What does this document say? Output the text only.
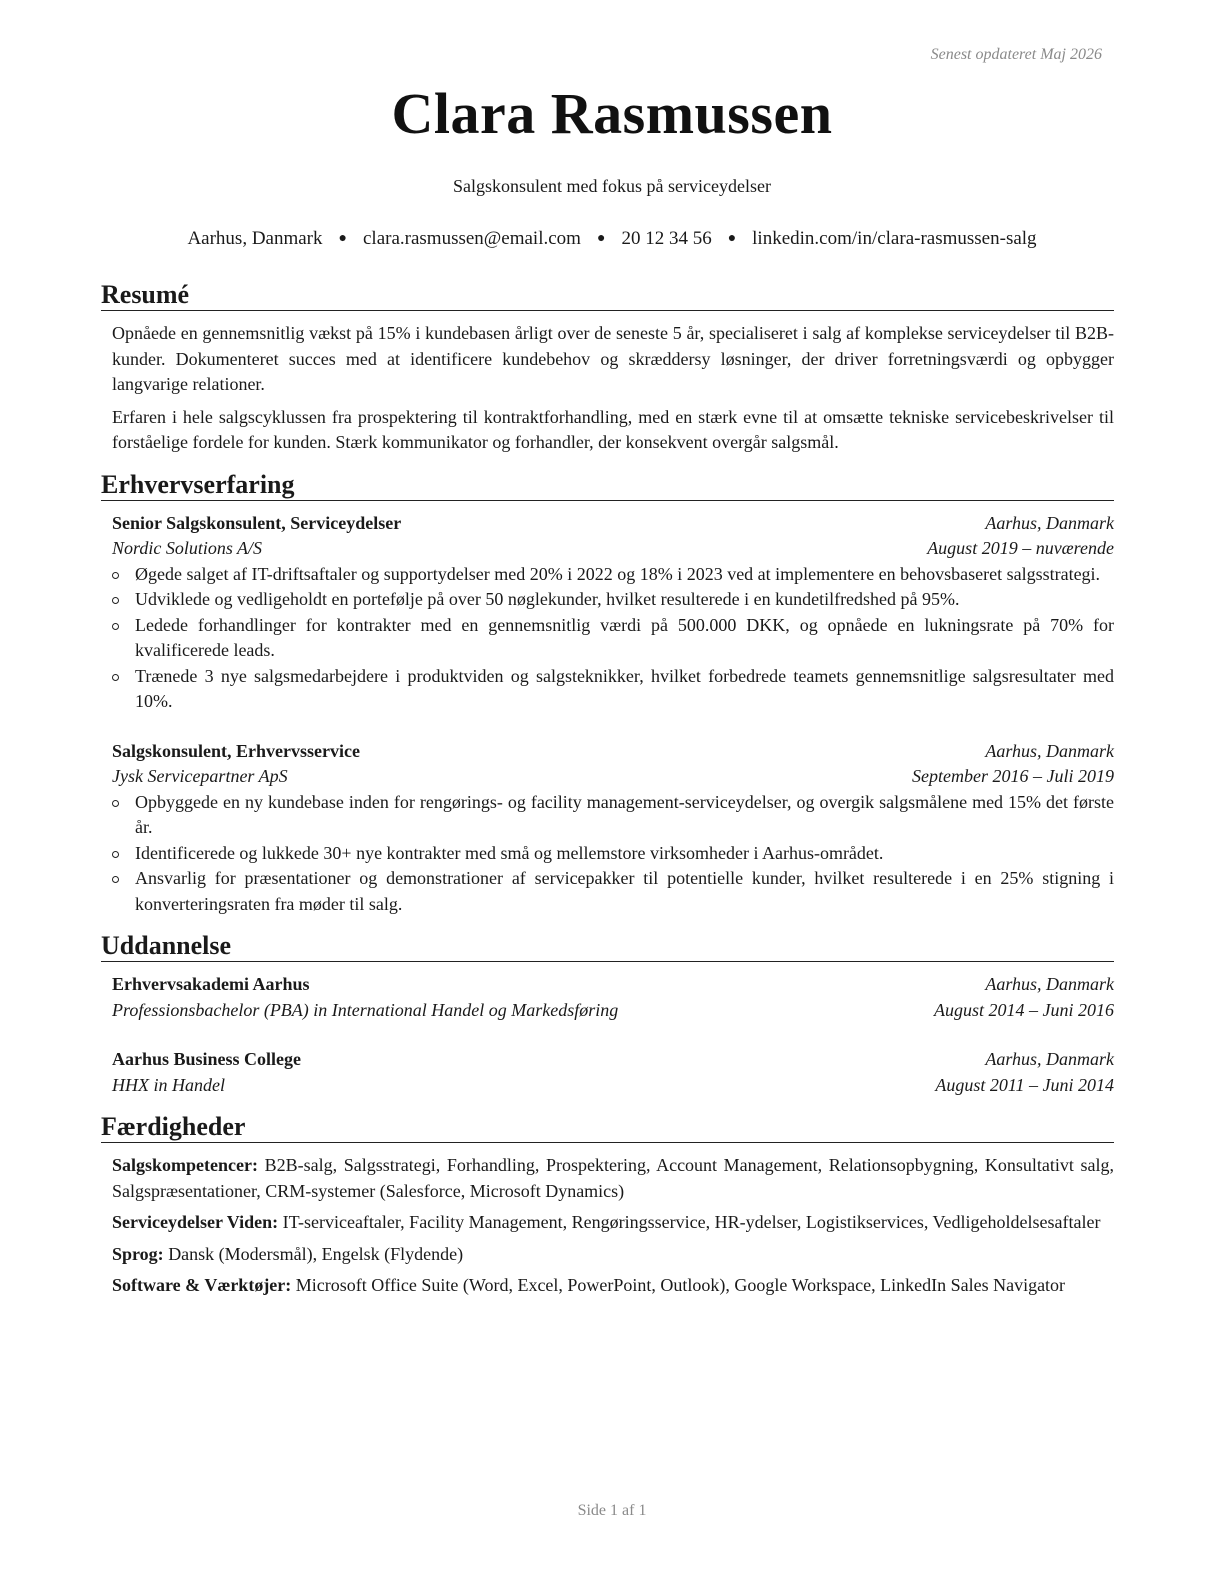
Senest opdateret Maj 2026
Clara Rasmussen
Salgskonsulent med fokus på serviceydelser
Aarhus, Danmark ● clara.rasmussen@email.com ● 20 12 34 56 ● linkedin.com/in/clara-rasmussen-salg
Resumé

Opnåede en gennemsnitlig vækst på 15% i kundebasen årligt over de seneste 5 år, specialiseret i salg af komplekse serviceydelser til B2B-kunder. Dokumenteret succes med at identificere kundebehov og skræddersy løsninger, der driver forretningsværdi og opbygger langvarige relationer.

Erfaren i hele salgscyklussen fra prospektering til kontraktforhandling, med en stærk evne til at omsætte tekniske servicebeskrivelser til forståelige fordele for kunden. Stærk kommunikator og forhandler, der konsekvent overgår salgsmål.

Erhvervserfaring
Senior Salgskonsulent, Serviceydelser	Aarhus, Danmark
Nordic Solutions A/S	August 2019 – nuværende
Øgede salget af IT-driftsaftaler og supportydelser med 20% i 2022 og 18% i 2023 ved at implementere en behovsbaseret salgsstrategi.
Udviklede og vedligeholdt en portefølje på over 50 nøglekunder, hvilket resulterede i en kundetilfredshed på 95%.
Ledede forhandlinger for kontrakter med en gennemsnitlig værdi på 500.000 DKK, og opnåede en lukningsrate på 70% for kvalificerede leads.
Trænede 3 nye salgsmedarbejdere i produktviden og salgsteknikker, hvilket forbedrede teamets gennemsnitlige salgsresultater med 10%.
Salgskonsulent, Erhvervsservice	Aarhus, Danmark
Jysk Servicepartner ApS	September 2016 – Juli 2019
Opbyggede en ny kundebase inden for rengørings- og facility management-serviceydelser, og overgik salgsmålene med 15% det første år.
Identificerede og lukkede 30+ nye kontrakter med små og mellemstore virksomheder i Aarhus-området.
Ansvarlig for præsentationer og demonstrationer af servicepakker til potentielle kunder, hvilket resulterede i en 25% stigning i konverteringsraten fra møder til salg.
Uddannelse
Erhvervsakademi Aarhus	Aarhus, Danmark
Professionsbachelor (PBA) in International Handel og Markedsføring	August 2014 – Juni 2016
Aarhus Business College	Aarhus, Danmark
HHX in Handel	August 2011 – Juni 2014
Færdigheder

Salgskompetencer: B2B-salg, Salgsstrategi, Forhandling, Prospektering, Account Management, Relationsopbygning, Konsultativt salg, Salgspræsentationer, CRM-systemer (Salesforce, Microsoft Dynamics)

Serviceydelser Viden: IT-serviceaftaler, Facility Management, Rengøringsservice, HR-ydelser, Logistikservices, Vedligeholdelsesaftaler

Sprog: Dansk (Modersmål), Engelsk (Flydende)

Software & Værktøjer: Microsoft Office Suite (Word, Excel, PowerPoint, Outlook), Google Workspace, LinkedIn Sales Navigator

Side 1 af 1
